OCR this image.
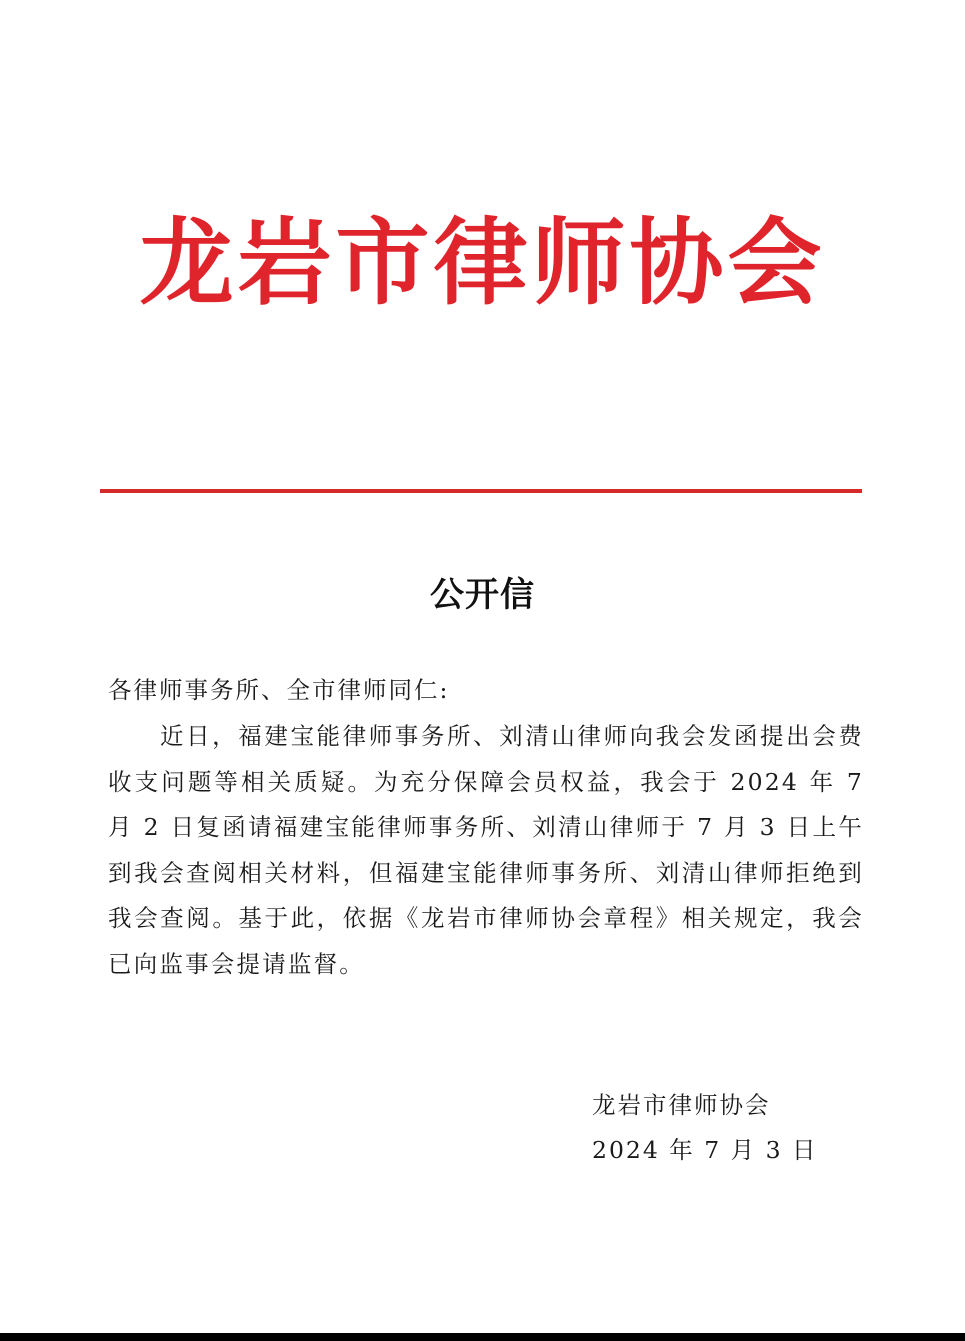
龙岩市律师协会
公开信
各律师事务所、全市律师同仁:
近日，福建宝能律师事务所、刘清山律师向我会发函提出会费收支问题等相关质疑。为充分保障会员权益，我会于 2024 年 7 月 2 日复函请福建宝能律师事务所、刘清山律师于 7 月 3 日上午到我会查阅相关材料，但福建宝能律师事务所、刘清山律师拒绝到我会查阅。基于此，依据《龙岩市律师协会章程》相关规定，我会已向监事会提请监督。
龙岩市律师协会
2024 年 7 月 3 日
